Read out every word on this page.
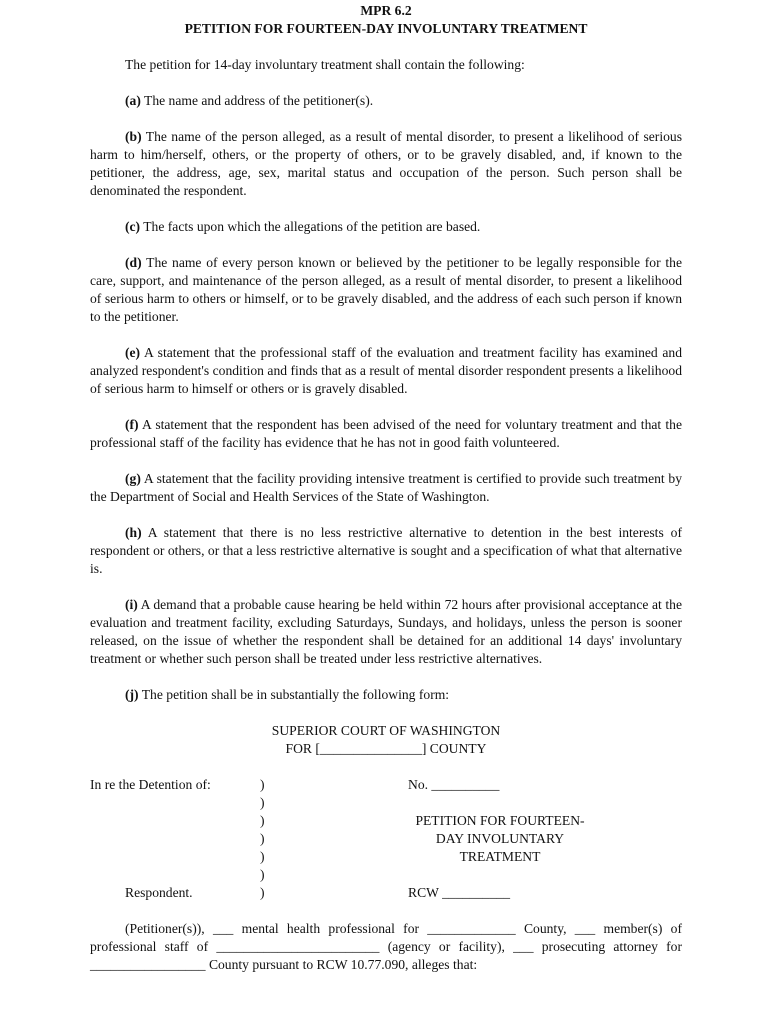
MPR 6.2

PETITION FOR FOURTEEN-DAY INVOLUNTARY TREATMENT

The petition for 14-day involuntary treatment shall contain the following:

(a) The name and address of the petitioner(s).

(b) The name of the person alleged, as a result of mental disorder, to present a likelihood of serious harm to him/herself, others, or the property of others, or to be gravely disabled, and, if known to the petitioner, the address, age, sex, marital status and occupation of the person. Such person shall be denominated the respondent.

(c) The facts upon which the allegations of the petition are based.

(d) The name of every person known or believed by the petitioner to be legally responsible for the care, support, and maintenance of the person alleged, as a result of mental disorder, to present a likelihood of serious harm to others or himself, or to be gravely disabled, and the address of each such person if known to the petitioner.

(e) A statement that the professional staff of the evaluation and treatment facility has examined and analyzed respondent's condition and finds that as a result of mental disorder respondent presents a likelihood of serious harm to himself or others or is gravely disabled.

(f) A statement that the respondent has been advised of the need for voluntary treatment and that the professional staff of the facility has evidence that he has not in good faith volunteered.

(g) A statement that the facility providing intensive treatment is certified to provide such treatment by the Department of Social and Health Services of the State of Washington.

(h) A statement that there is no less restrictive alternative to detention in the best interests of respondent or others, or that a less restrictive alternative is sought and a specification of what that alternative is.

(i) A demand that a probable cause hearing be held within 72 hours after provisional acceptance at the evaluation and treatment facility, excluding Saturdays, Sundays, and holidays, unless the person is sooner released, on the issue of whether the respondent shall be detained for an additional 14 days' involuntary treatment or whether such person shall be treated under less restrictive alternatives.

(j) The petition shall be in substantially the following form:

SUPERIOR COURT OF WASHINGTON

FOR [_______________] COUNTY

In re the Detention of:	)
)
)
)
)
)
)
No. __________
PETITION FOR FOURTEEN-
DAY INVOLUNTARY
TREATMENT
Respondent.	RCW __________

(Petitioner(s)), ___ mental health professional for _____________ County, ___ member(s) of professional staff of ________________________ (agency or facility), ___ prosecuting attorney for _________________ County pursuant to RCW 10.77.090, alleges that:
